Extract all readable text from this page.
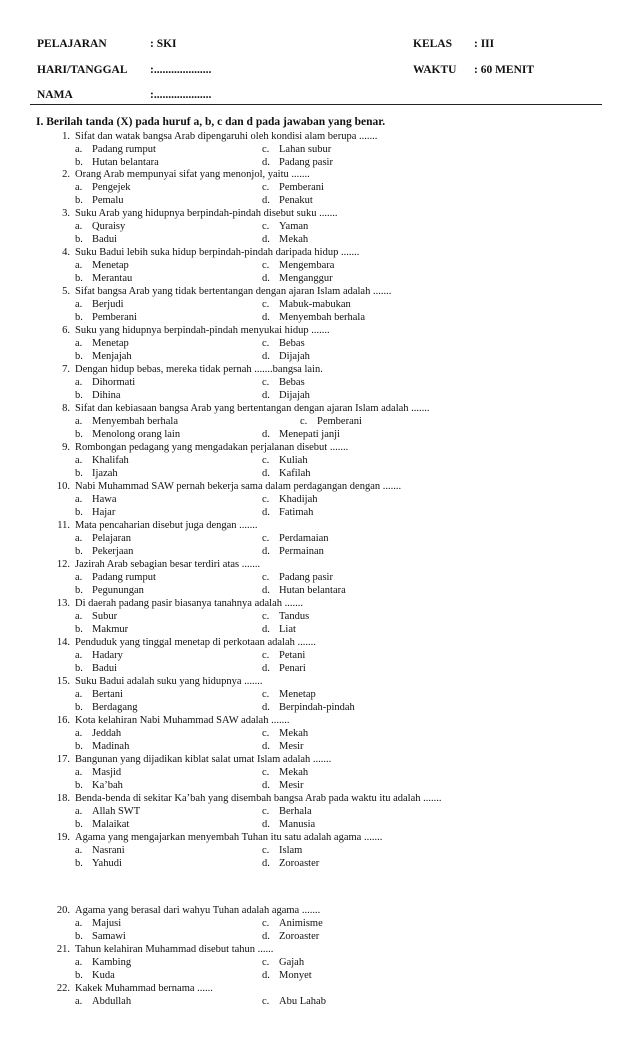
PELAJARAN	: SKI	KELAS : III
HARI/TANGGAL :....................	WAKTU : 60 MENIT
NAMA	:....................
I. Berilah tanda (X) pada huruf a, b, c dan d pada jawaban yang benar.
1. Sifat dan watak bangsa Arab dipengaruhi oleh kondisi alam berupa .......
a. Padang rumput	c. Lahan subur
b. Hutan belantara	d. Padang pasir
2. Orang Arab mempunyai sifat yang menonjol, yaitu .......
a. Pengejek	c. Pemberani
b. Pemalu	d. Penakut
3. Suku Arab yang hidupnya berpindah-pindah disebut suku .......
a. Quraisy	c. Yaman
b. Badui	d. Mekah
4. Suku Badui lebih suka hidup berpindah-pindah daripada hidup .......
a. Menetap	c. Mengembara
b. Merantau	d. Menganggur
5. Sifat bangsa Arab yang tidak bertentangan dengan ajaran Islam adalah .......
a. Berjudi	c. Mabuk-mabukan
b. Pemberani	d. Menyembah berhala
6. Suku yang hidupnya berpindah-pindah menyukai hidup .......
a. Menetap	c. Bebas
b. Menjajah	d. Dijajah
7. Dengan hidup bebas, mereka tidak pernah .......bangsa lain.
a. Dihormati	c. Bebas
b. Dihina	d. Dijajah
8. Sifat dan kebiasaan bangsa Arab yang bertentangan dengan ajaran Islam adalah .......
a. Menyembah berhala	c. Pemberani
b. Menolong orang lain	d. Menepati janji
9. Rombongan pedagang yang mengadakan perjalanan disebut .......
a. Khalifah	c. Kuliah
b. Ijazah	d. Kafilah
10. Nabi Muhammad SAW pernah bekerja sama dalam perdagangan dengan .......
a. Hawa	c. Khadijah
b. Hajar	d. Fatimah
11. Mata pencaharian disebut juga dengan .......
a. Pelajaran	c. Perdamaian
b. Pekerjaan	d. Permainan
12. Jazirah Arab sebagian besar terdiri atas .......
a. Padang rumput	c. Padang pasir
b. Pegunungan	d. Hutan belantara
13. Di daerah padang pasir biasanya tanahnya adalah .......
a. Subur	c. Tandus
b. Makmur	d. Liat
14. Penduduk yang tinggal menetap di perkotaan adalah .......
a. Hadary	c. Petani
b. Badui	d. Penari
15. Suku Badui adalah suku yang hidupnya .......
a. Bertani	c. Menetap
b. Berdagang	d. Berpindah-pindah
16. Kota kelahiran Nabi Muhammad SAW adalah .......
a. Jeddah	c. Mekah
b. Madinah	d. Mesir
17. Bangunan yang dijadikan kiblat salat umat Islam adalah .......
a. Masjid	c. Mekah
b. Ka’bah	d. Mesir
18. Benda-benda di sekitar Ka’bah yang disembah bangsa Arab pada waktu itu adalah .......
a. Allah SWT	c. Berhala
b. Malaikat	d. Manusia
19. Agama yang mengajarkan menyembah Tuhan itu satu adalah agama .......
a. Nasrani	c. Islam
b. Yahudi	d. Zoroaster
20. Agama yang berasal dari wahyu Tuhan adalah agama .......
a. Majusi	c. Animisme
b. Samawi	d. Zoroaster
21. Tahun kelahiran Muhammad disebut tahun ......
a. Kambing	c. Gajah
b. Kuda	d. Monyet
22. Kakek Muhammad bernama ......
a. Abdullah	c. Abu Lahab
